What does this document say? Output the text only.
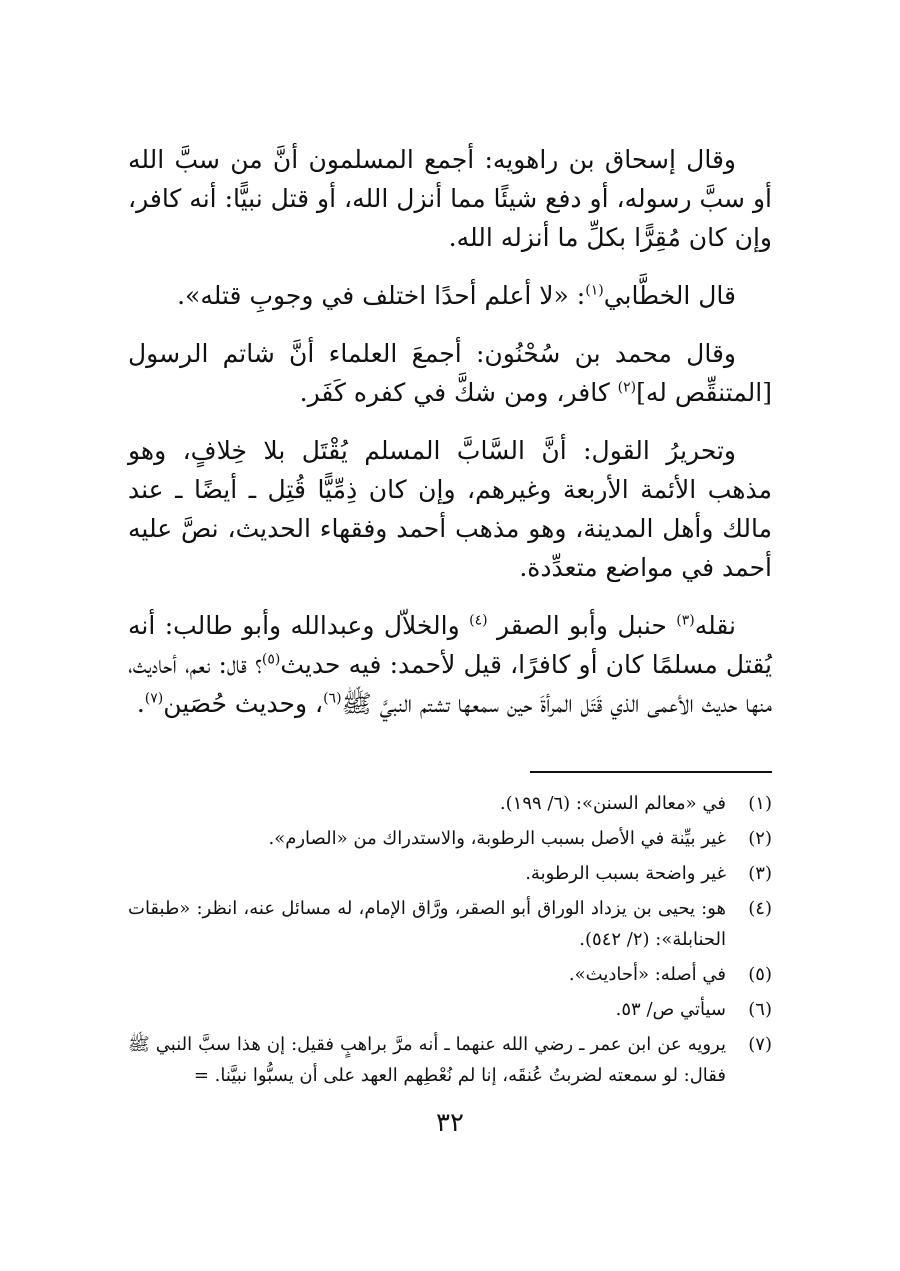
وقال إسحاق بن راهويه: أجمع المسلمون أنَّ من سبَّ الله أو سبَّ رسوله، أو دفع شيئًا مما أنزل الله، أو قتل نبيًّا: أنه كافر، وإن كان مُقِرًّا بكلِّ ما أنزله الله.

قال الخطَّابي$^{(١)}$: «لا أعلم أحدًا اختلف في وجوبِ قتله».

وقال محمد بن سُحْنُون: أجمعَ العلماء أنَّ شاتم الرسول [المتنقِّص له]$^{(٢)}$ كافر، ومن شكَّ في كفره كَفَر.

وتحريرُ القول: أنَّ السَّابَّ المسلم يُقْتَل بلا خِلافٍ، وهو مذهب الأئمة الأربعة وغيرهم، وإن كان ذِمِّيًّا قُتِل ـ أيضًا ـ عند مالك وأهل المدينة، وهو مذهب أحمد وفقهاء الحديث، نصَّ عليه أحمد في مواضع متعدِّدة.

نقله$^{(٣)}$ حنبل وأبو الصقر $^{(٤)}$ والخلاّل وعبدالله وأبو طالب: أنه يُقتل مسلمًا كان أو كافرًا، قيل لأحمد: فيه حديث$^{(٥)}$؟ قال: نعم، أحاديث، منها حديث الأعمى الذي قَتَل المرأةَ حين سمعها تشتم النبيَّ ﷺ$^{(٦)}$، وحديث حُصَين$^{(٧)}$.

(١)
في «معالم السنن»: (٦/ ١٩٩).
(٢)
غير بيِّنة في الأصل بسبب الرطوبة، والاستدراك من «الصارم».
(٣)
غير واضحة بسبب الرطوبة.
(٤)
هو: يحيى بن يزداد الوراق أبو الصقر، ورَّاق الإمام، له مسائل عنه، انظر: «طبقات الحنابلة»: (٢/ ٥٤٢).
(٥)
في أصله: «أحاديث».
(٦)
سيأتي ص/ ٥٣.
(٧)
يرويه عن ابن عمر ـ رضي الله عنهما ـ أنه مرَّ براهبٍ فقيل: إن هذا سبَّ النبي ﷺ فقال: لو سمعته لضربتُ عُنقَه، إنا لم نُعْطِهم العهد على أن يسبُّوا نبيَّنا. =
٣٢
